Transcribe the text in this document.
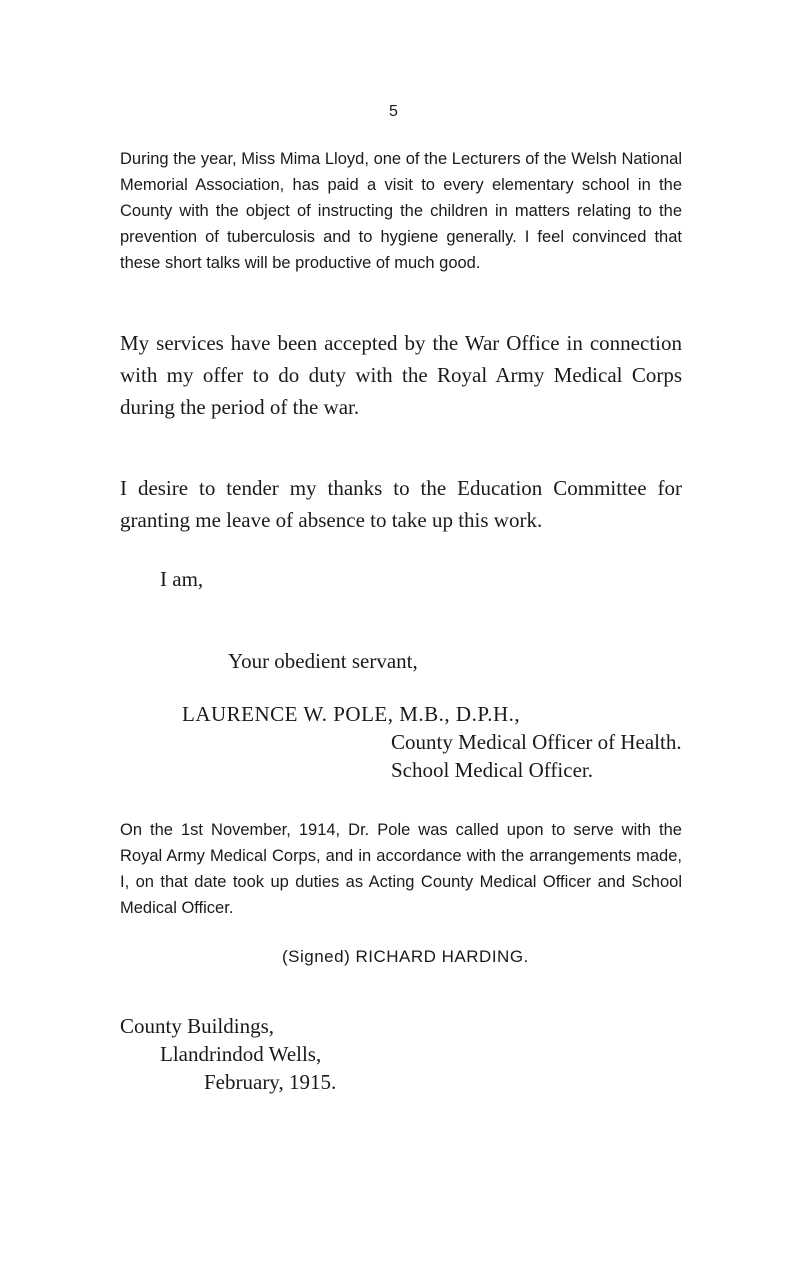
5

During the year, Miss Mima Lloyd, one of the Lecturers of the Welsh National Memorial Association, has paid a visit to every elementary school in the County with the object of instructing the children in matters relating to the prevention of tuberculosis and to hygiene generally. I feel convinced that these short talks will be productive of much good.

My services have been accepted by the War Office in connection with my offer to do duty with the Royal Army Medical Corps during the period of the war.

I desire to tender my thanks to the Education Committee for granting me leave of absence to take up this work.

I am,
Your obedient servant,
LAURENCE W. POLE, M.B., D.P.H.,
County Medical Officer of Health.
School Medical Officer.

On the 1st November, 1914, Dr. Pole was called upon to serve with the Royal Army Medical Corps, and in accordance with the arrangements made, I, on that date took up duties as Acting County Medical Officer and School Medical Officer.

(Signed) RICHARD HARDING.
County Buildings,
Llandrindod Wells,
February, 1915.
